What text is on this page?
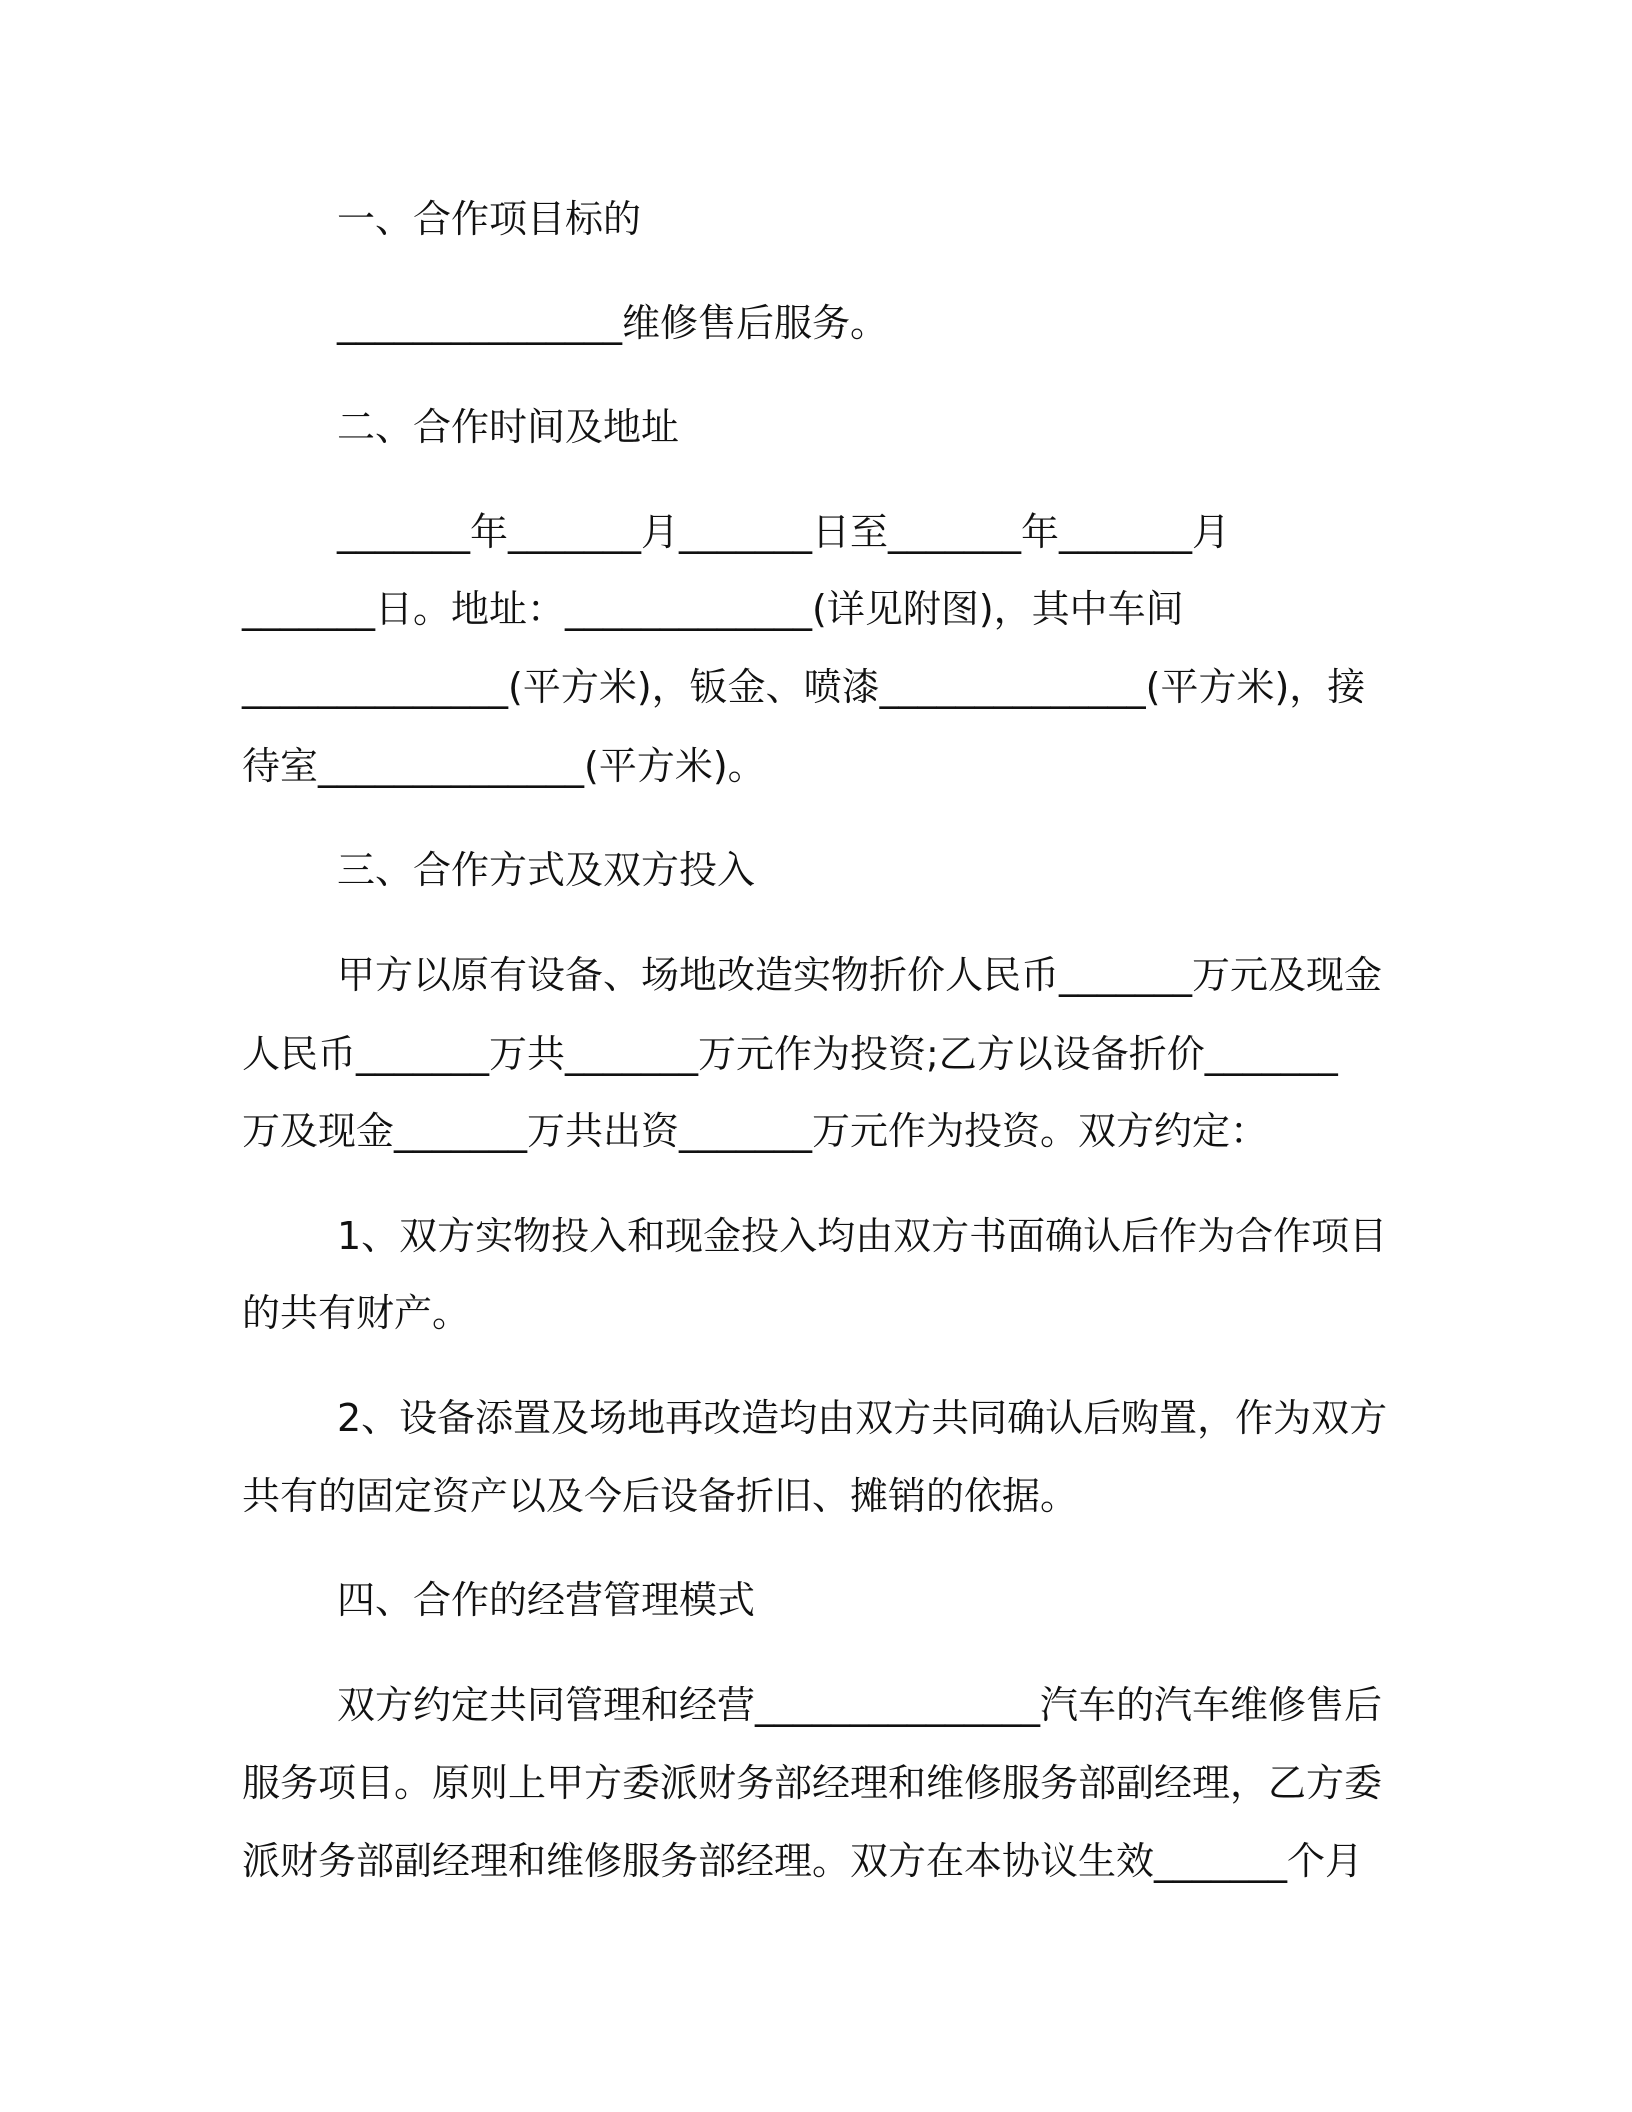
一、合作项目标的
_______________维修售后服务。
二、合作时间及地址
_______年_______月_______日至_______年_______月
_______日。地址：_____________(详见附图)，其中车间
______________(平方米)，钣金、喷漆______________(平方米)，接
待室______________(平方米)。
三、合作方式及双方投入
甲方以原有设备、场地改造实物折价人民币_______万元及现金
人民币_______万共_______万元作为投资;乙方以设备折价_______
万及现金_______万共出资_______万元作为投资。双方约定：
1、双方实物投入和现金投入均由双方书面确认后作为合作项目
的共有财产。
2、设备添置及场地再改造均由双方共同确认后购置，作为双方
共有的固定资产以及今后设备折旧、摊销的依据。
四、合作的经营管理模式
双方约定共同管理和经营_______________汽车的汽车维修售后
服务项目。原则上甲方委派财务部经理和维修服务部副经理，乙方委
派财务部副经理和维修服务部经理。双方在本协议生效_______个月
